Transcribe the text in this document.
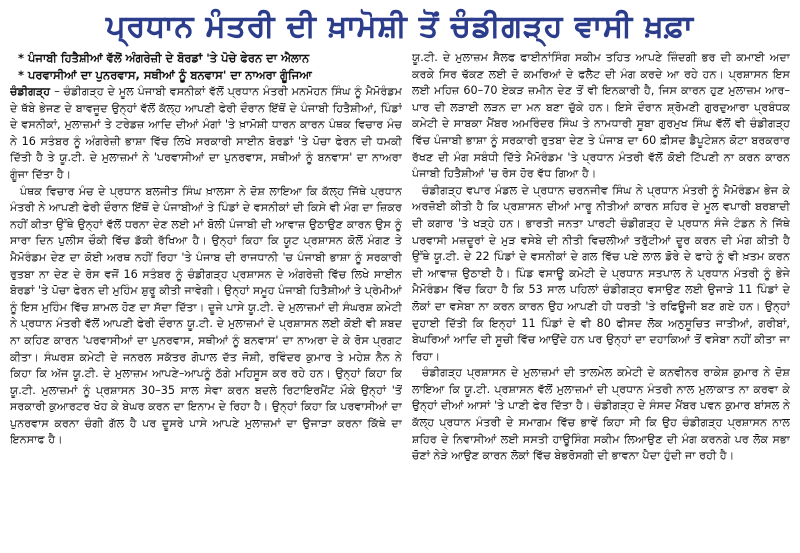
ਪ੍ਰਧਾਨ ਮੰਤਰੀ ਦੀ ਖ਼ਾਮੋਸ਼ੀ ਤੋਂ ਚੰਡੀਗੜ੍ਹ ਵਾਸੀ ਖ਼ਫ਼ਾ
* ਪੰਜਾਬੀ ਹਿਤੈਸ਼ੀਆਂ ਵੱਲੋਂ ਅੰਗਰੇਜ਼ੀ ਦੇ ਬੋਰਡਾਂ 'ਤੇ ਪੋਚੇ ਫੇਰਨ ਦਾ ਐਲਾਨ
* ਪਰਵਾਸੀਆਂ ਦਾ ਪੁਨਰਵਾਸ, ਸਥੀਆਂ ਨੂੰ ਬਨਵਾਸ' ਦਾ ਨਾਅਰਾ ਗੂੰਜਿਆ

ਚੰਡੀਗੜ੍ਹ – ਚੰਡੀਗੜ੍ਹ ਦੇ ਮੂਲ ਪੰਜਾਬੀ ਵਸਨੀਕਾਂ ਵੱਲੋਂ ਪ੍ਰਧਾਨ ਮੰਤਰੀ ਮਨਮੋਹਨ ਸਿੰਘ ਨੂੰ ਮੈਮੋਰੰਡਮ ਦੇ ਥੱਬੇ ਭੇਜਣ ਦੇ ਬਾਵਜੂਦ ਉਨ੍ਹਾਂ ਵੱਲੋਂ ਕੱਲ੍ਹ ਆਪਣੀ ਫੇਰੀ ਦੌਰਾਨ ਇੱਥੋਂ ਦੇ ਪੰਜਾਬੀ ਹਿਤੈਸ਼ੀਆਂ, ਪਿੰਡਾਂ ਦੇ ਵਸਨੀਕਾਂ, ਮੁਲਾਜ਼ਮਾਂ ਤੇ ਟਰੇਡਜ਼ ਆਦਿ ਦੀਆਂ ਮੰਗਾਂ 'ਤੇ ਖ਼ਾਮੋਸ਼ੀ ਧਾਰਨ ਕਾਰਨ ਪੰਥਕ ਵਿਚਾਰ ਮੰਚ ਨੇ 16 ਸਤੰਬਰ ਨੂੰ ਅੰਗਰੇਜ਼ੀ ਭਾਸ਼ਾ ਵਿੱਚ ਲਿਖੇ ਸਰਕਾਰੀ ਸਾਈਨ ਬੋਰਡਾਂ 'ਤੇ ਪੋਚਾ ਫੇਰਨ ਦੀ ਧਮਕੀ ਦਿੱਤੀ ਹੈ ਤੇ ਯੂ.ਟੀ. ਦੇ ਮੁਲਾਜ਼ਮਾਂ ਨੇ 'ਪਰਵਾਸੀਆਂ ਦਾ ਪੁਨਰਵਾਸ, ਸਥੀਆਂ ਨੂੰ ਬਨਵਾਸ' ਦਾ ਨਾਅਰਾ ਗੂੰਜਾ ਦਿੱਤਾ ਹੈ।

ਪੰਥਕ ਵਿਚਾਰ ਮੰਚ ਦੇ ਪ੍ਰਧਾਨ ਬਲਜੀਤ ਸਿੰਘ ਖ਼ਾਲਸਾ ਨੇ ਦੋਸ਼ ਲਾਇਆ ਕਿ ਕੱਲ੍ਹ ਜਿੱਥੇ ਪ੍ਰਧਾਨ ਮੰਤਰੀ ਨੇ ਆਪਣੀ ਫੇਰੀ ਦੌਰਾਨ ਇੱਥੋਂ ਦੇ ਪੰਜਾਬੀਆਂ ਤੇ ਪਿੰਡਾਂ ਦੇ ਵਸਨੀਕਾਂ ਦੀ ਕਿਸੇ ਵੀ ਮੰਗ ਦਾ ਜ਼ਿਕਰ ਨਹੀਂ ਕੀਤਾ ਉੱਥੇ ਉਨ੍ਹਾਂ ਵੱਲੋਂ ਧਰਨਾ ਦੇਣ ਲਈ ਮਾਂ ਬੋਲੀ ਪੰਜਾਬੀ ਦੀ ਆਵਾਜ਼ ਉਠਾਉਣ ਕਾਰਨ ਉਸ ਨੂੰ ਸਾਰਾ ਦਿਨ ਪੁਲੀਸ ਚੌਕੀ ਵਿੱਚ ਡੱਕੀ ਰੱਖਿਆ ਹੈ। ਉਨ੍ਹਾਂ ਕਿਹਾ ਕਿ ਯੂਟ ਪ੍ਰਸ਼ਾਸਨ ਕੋਲੋਂ ਮੰਗਣ ਤੇ ਮੈਮੋਰੰਡਮ ਦੇਣ ਦਾ ਕੋਈ ਅਰਥ ਨਹੀਂ ਰਿਹਾ 'ਤੇ ਪੰਜਾਬ ਦੀ ਰਾਜਧਾਨੀ 'ਚ ਪੰਜਾਬੀ ਭਾਸ਼ਾ ਨੂੰ ਸਰਕਾਰੀ ਰੁਤਬਾ ਨਾ ਦੇਣ ਦੇ ਰੋਸ ਵਜੋਂ 16 ਸਤੰਬਰ ਨੂੰ ਚੰਡੀਗੜ੍ਹ ਪ੍ਰਸ਼ਾਸਨ ਦੇ ਅੰਗਰੇਜ਼ੀ ਵਿੱਚ ਲਿਖੇ ਸਾਈਨ ਬੋਰਡਾਂ 'ਤੇ ਪੋਚਾ ਫੇਰਨ ਦੀ ਮੁਹਿੰਮ ਸ਼ੁਰੂ ਕੀਤੀ ਜਾਵੇਗੀ। ਉਨ੍ਹਾਂ ਸਮੂਹ ਪੰਜਾਬੀ ਹਿਤੈਸ਼ੀਆਂ ਤੇ ਪ੍ਰੇਮੀਆਂ ਨੂੰ ਇਸ ਮੁਹਿੰਮ ਵਿੱਚ ਸ਼ਾਮਲ ਹੋਣ ਦਾ ਸੱਦਾ ਦਿੱਤਾ। ਦੂਜੇ ਪਾਸੇ ਯੂ.ਟੀ. ਦੇ ਮੁਲਾਜ਼ਮਾਂ ਦੀ ਸੰਘਰਸ਼ ਕਮੇਟੀ ਨੇ ਪ੍ਰਧਾਨ ਮੰਤਰੀ ਵੱਲੋਂ ਆਪਣੀ ਫੇਰੀ ਦੌਰਾਨ ਯੂ.ਟੀ. ਦੇ ਮੁਲਾਜ਼ਮਾਂ ਦੇ ਪ੍ਰਸ਼ਾਸਨ ਲਈ ਕੋਈ ਵੀ ਸ਼ਬਦ ਨਾ ਕਹਿਣ ਕਾਰਨ 'ਪਰਵਾਸੀਆਂ ਦਾ ਪੁਨਰਵਾਸ, ਸਥੀਆਂ ਨੂੰ ਬਨਵਾਸ' ਦਾ ਨਾਅਰਾ ਦੇ ਕੇ ਰੋਸ ਪ੍ਰਗਟ ਕੀਤਾ। ਸੰਘਰਸ਼ ਕਮੇਟੀ ਦੇ ਜਨਰਲ ਸਕੱਤਰ ਗੋਪਾਲ ਦੱਤ ਜੋਸ਼ੀ, ਰਵਿੰਦਰ ਕੁਮਾਰ ਤੇ ਮਹੇਸ਼ ਨੈਨ ਨੇ ਕਿਹਾ ਕਿ ਅੱਜ ਯੂ.ਟੀ. ਦੇ ਮੁਲਾਜ਼ਮ ਆਪਣੇ–ਆਪਨੂੰ ਠੱਗੇ ਮਹਿਸੂਸ ਕਰ ਰਹੇ ਹਨ। ਉਨ੍ਹਾਂ ਕਿਹਾ ਕਿ ਯੂ.ਟੀ. ਮੁਲਾਜ਼ਮਾਂ ਨੂੰ ਪ੍ਰਸ਼ਾਸਨ 30–35 ਸਾਲ ਸੇਵਾ ਕਰਨ ਬਦਲੇ ਰਿਟਾਇਰਮੈਂਟ ਮੌਕੇ ਉਨ੍ਹਾਂ 'ਤੋਂ ਸਰਕਾਰੀ ਕੁਆਰਟਰ ਖੋਹ ਕੇ ਬੇਘਰ ਕਰਨ ਦਾ ਇਨਾਮ ਦੇ ਰਿਹਾ ਹੈ। ਉਨ੍ਹਾਂ ਕਿਹਾ ਕਿ ਪਰਵਾਸੀਆਂ ਦਾ ਪੁਨਰਵਾਸ ਕਰਨਾ ਚੰਗੀ ਗੱਲ ਹੈ ਪਰ ਦੂਸਰੇ ਪਾਸੇ ਆਪਣੇ ਮੁਲਾਜ਼ਮਾਂ ਦਾ ਉਜਾੜਾ ਕਰਨਾ ਕਿੱਥੇ ਦਾ ਇਨਸਾਫ ਹੈ।

ਯੂ.ਟੀ. ਦੇ ਮੁਲਾਜ਼ਮ ਸੈਲਫ ਫਾਈਨਾਂਸਿੰਗ ਸਕੀਮ ਤਹਿਤ ਆਪਣੇ ਜ਼ਿੰਦਗੀ ਭਰ ਦੀ ਕਮਾਈ ਅਦਾ ਕਰਕੇ ਸਿਰ ਢੱਕਣ ਲਈ ਦੋ ਕਮਰਿਆਂ ਦੇ ਫਲੈਟ ਦੀ ਮੰਗ ਕਰਦੇ ਆ ਰਹੇ ਹਨ। ਪ੍ਰਸ਼ਾਸਨ ਇਸ ਲਈ ਮਹਿਜ਼ 60–70 ਏਕੜ ਜ਼ਮੀਨ ਦੇਣ ਤੋਂ ਵੀ ਇਨਕਾਰੀ ਹੈ, ਜਿਸ ਕਾਰਨ ਹੁਣ ਮੁਲਾਜ਼ਮ ਆਰ–ਪਾਰ ਦੀ ਲੜਾਈ ਲੜਨ ਦਾ ਮਨ ਬਣਾ ਚੁੱਕੇ ਹਨ। ਇਸੇ ਦੌਰਾਨ ਸ਼੍ਰੋਮਣੀ ਗੁਰਦੁਆਰਾ ਪ੍ਰਬੰਧਕ ਕਮੇਟੀ ਦੇ ਸਾਬਕਾ ਮੈਂਬਰ ਅਮਰਿੰਦਰ ਸਿੰਘ ਤੇ ਨਾਮਧਾਰੀ ਸੂਬਾ ਗੁਰਮੁਖ ਸਿੰਘ ਵੱਲੋਂ ਵੀ ਚੰਡੀਗੜ੍ਹ ਵਿੱਚ ਪੰਜਾਬੀ ਭਾਸ਼ਾ ਨੂੰ ਸਰਕਾਰੀ ਰੁਤਬਾ ਦੇਣ ਤੇ ਪੰਜਾਬ ਦਾ 60 ਫ਼ੀਸਦ ਡੈਪੂਟੇਸ਼ਨ ਕੋਟਾ ਬਰਕਰਾਰ ਰੱਖਣ ਦੀ ਮੰਗ ਸਬੰਧੀ ਦਿੱਤੇ ਮੈਮੋਰੰਡਮ 'ਤੇ ਪ੍ਰਧਾਨ ਮੰਤਰੀ ਵੱਲੋਂ ਕੋਈ ਟਿੱਪਣੀ ਨਾ ਕਰਨ ਕਾਰਨ ਪੰਜਾਬੀ ਹਿਤੈਸ਼ੀਆਂ 'ਚ ਰੋਸ ਹੋਰ ਵੱਧ ਗਿਆ ਹੈ।

ਚੰਡੀਗੜ੍ਹ ਵਪਾਰ ਮੰਡਲ ਦੇ ਪ੍ਰਧਾਨ ਚਰਨਜੀਵ ਸਿੰਘ ਨੇ ਪ੍ਰਧਾਨ ਮੰਤਰੀ ਨੂੰ ਮੈਮੋਰੰਡਮ ਭੇਜ ਕੇ ਅਰਜ਼ੋਈ ਕੀਤੀ ਹੈ ਕਿ ਪ੍ਰਸ਼ਾਸਨ ਦੀਆਂ ਮਾਰੂ ਨੀਤੀਆਂ ਕਾਰਨ ਸ਼ਹਿਰ ਦੇ ਮੂਲ ਵਪਾਰੀ ਬਰਬਾਦੀ ਦੀ ਕਗਾਰ 'ਤੇ ਖੜ੍ਹੇ ਹਨ। ਭਾਰਤੀ ਜਨਤਾ ਪਾਰਟੀ ਚੰਡੀਗੜ੍ਹ ਦੇ ਪ੍ਰਧਾਨ ਸੰਜੇ ਟੰਡਨ ਨੇ ਜਿੱਥੇ ਪਰਵਾਸੀ ਮਜ਼ਦੂਰਾਂ ਦੇ ਮੁੜ ਵਸੇਬੇ ਦੀ ਨੀਤੀ ਵਿਚਲੀਆਂ ਤਰੁੱਟੀਆਂ ਦੂਰ ਕਰਨ ਦੀ ਮੰਗ ਕੀਤੀ ਹੈ ਉੱਥੇ ਯੂ.ਟੀ. ਦੇ 22 ਪਿੰਡਾਂ ਦੇ ਵਸਨੀਕਾਂ ਦੇ ਗਲ ਵਿੱਚ ਪਏ ਲਾਲ ਡੋਰੇ ਦੇ ਫਾਹੇ ਨੂੰ ਵੀ ਖ਼ਤਮ ਕਰਨ ਦੀ ਆਵਾਜ਼ ਉਠਾਈ ਹੈ। ਪਿੰਡ ਵਸਾਊ ਕਮੇਟੀ ਦੇ ਪ੍ਰਧਾਨ ਸਤਪਾਲ ਨੇ ਪ੍ਰਧਾਨ ਮੰਤਰੀ ਨੂੰ ਭੇਜੇ ਮੈਮੋਰੰਡਮ ਵਿੱਚ ਕਿਹਾ ਹੈ ਕਿ 53 ਸਾਲ ਪਹਿਲਾਂ ਚੰਡੀਗੜ੍ਹ ਵਸਾਉਣ ਲਈ ਉਜਾੜੇ 11 ਪਿੰਡਾਂ ਦੇ ਲੋਕਾਂ ਦਾ ਵਸੇਬਾ ਨਾ ਕਰਨ ਕਾਰਨ ਉਹ ਆਪਣੀ ਹੀ ਧਰਤੀ 'ਤੇ ਰਫਿਊਜੀ ਬਣ ਗਏ ਹਨ। ਉਨ੍ਹਾਂ ਦੁਹਾਈ ਦਿੱਤੀ ਕਿ ਇਨ੍ਹਾਂ 11 ਪਿੰਡਾਂ ਦੇ ਵੀ 80 ਫੀਸਦ ਲੋਕ ਅਨੁਸੂਚਿਤ ਜਾਤੀਆਂ, ਗਰੀਬਾਂ, ਬੇਘਰਿਆਂ ਆਦਿ ਦੀ ਸੂਚੀ ਵਿੱਚ ਆਉਂਦੇ ਹਨ ਪਰ ਉਨ੍ਹਾਂ ਦਾ ਦਹਾਕਿਆਂ ਤੋਂ ਵਸੇਬਾ ਨਹੀਂ ਕੀਤਾ ਜਾ ਰਿਹਾ।

ਚੰਡੀਗੜ੍ਹ ਪ੍ਰਸ਼ਾਸਨ ਦੇ ਮੁਲਾਜ਼ਮਾਂ ਦੀ ਤਾਲਮੇਲ ਕਮੇਟੀ ਦੇ ਕਨਵੀਨਰ ਰਾਕੇਸ਼ ਕੁਮਾਰ ਨੇ ਦੋਸ਼ ਲਾਇਆ ਕਿ ਯੂ.ਟੀ. ਪ੍ਰਸ਼ਾਸਨ ਵੱਲੋਂ ਮੁਲਾਜ਼ਮਾਂ ਦੀ ਪ੍ਰਧਾਨ ਮੰਤਰੀ ਨਾਲ ਮੁਲਾਕਾਤ ਨਾ ਕਰਵਾ ਕੇ ਉਨ੍ਹਾਂ ਦੀਆਂ ਆਸਾਂ 'ਤੇ ਪਾਣੀ ਫੇਰ ਦਿੱਤਾ ਹੈ। ਚੰਡੀਗੜ੍ਹ ਦੇ ਸੰਸਦ ਮੈਂਬਰ ਪਵਨ ਕੁਮਾਰ ਬਾਂਸਲ ਨੇ ਕੱਲ੍ਹ ਪ੍ਰਧਾਨ ਮੰਤਰੀ ਦੇ ਸਮਾਗਮ ਵਿੱਚ ਭਾਵੇਂ ਕਿਹਾ ਸੀ ਕਿ ਉਹ ਚੰਡੀਗੜ੍ਹ ਪ੍ਰਸ਼ਾਸਨ ਨਾਲ ਸ਼ਹਿਰ ਦੇ ਨਿਵਾਸੀਆਂ ਲਈ ਸਸਤੀ ਹਾਊਸਿੰਗ ਸਕੀਮ ਲਿਆਉਣ ਦੀ ਮੰਗ ਕਰਨਗੇ ਪਰ ਲੋਕ ਸਭਾ ਚੋਣਾਂ ਨੇੜੇ ਆਉਣ ਕਾਰਨ ਲੋਕਾਂ ਵਿੱਚ ਬੇਭਰੋਸਗੀ ਦੀ ਭਾਵਨਾ ਪੈਦਾ ਹੁੰਦੀ ਜਾ ਰਹੀ ਹੈ।
